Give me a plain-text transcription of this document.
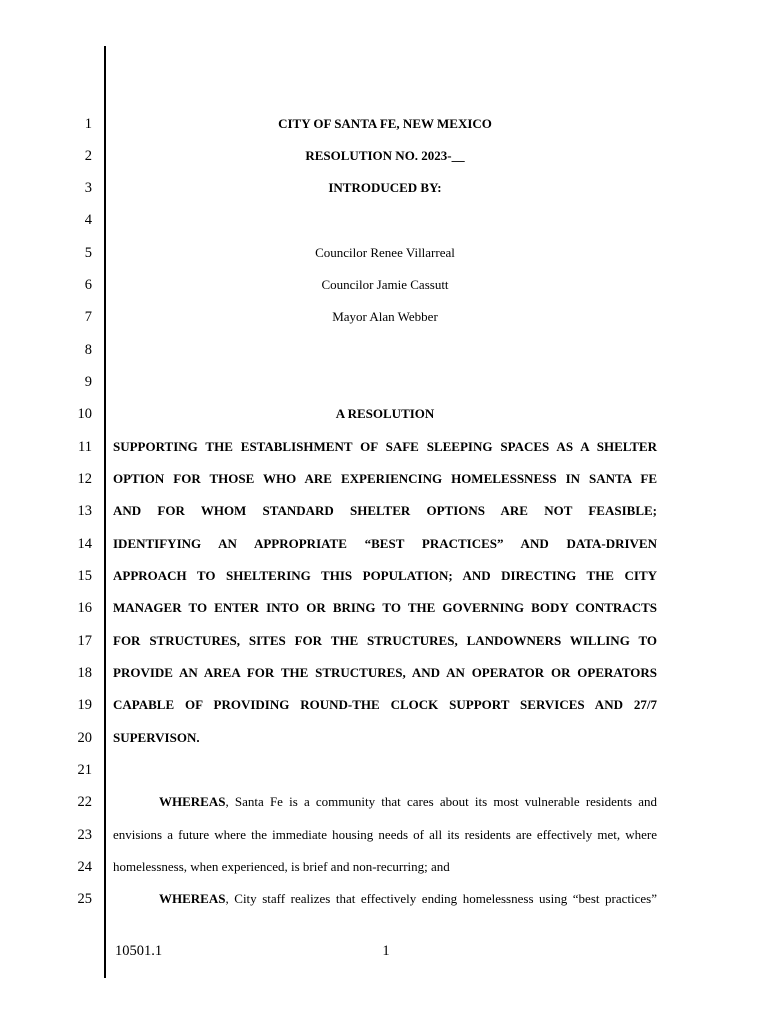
1
2
3
4
5
6
7
8
9
10
11
12
13
14
15
16
17
18
19
20
21
22
23
24
25
CITY OF SANTA FE, NEW MEXICO
RESOLUTION NO. 2023-__
INTRODUCED BY:
Councilor Renee Villarreal
Councilor Jamie Cassutt
Mayor Alan Webber
A RESOLUTION
SUPPORTING THE ESTABLISHMENT OF SAFE SLEEPING SPACES AS A SHELTER
OPTION FOR THOSE WHO ARE EXPERIENCING HOMELESSNESS IN SANTA FE
AND FOR WHOM STANDARD SHELTER OPTIONS ARE NOT FEASIBLE;
IDENTIFYING AN APPROPRIATE “BEST PRACTICES” AND DATA-DRIVEN
APPROACH TO SHELTERING THIS POPULATION; AND DIRECTING THE CITY
MANAGER TO ENTER INTO OR BRING TO THE GOVERNING BODY CONTRACTS
FOR STRUCTURES, SITES FOR THE STRUCTURES, LANDOWNERS WILLING TO
PROVIDE AN AREA FOR THE STRUCTURES, AND AN OPERATOR OR OPERATORS
CAPABLE OF PROVIDING ROUND-THE CLOCK SUPPORT SERVICES AND 27/7
SUPERVISON.
WHEREAS, Santa Fe is a community that cares about its most vulnerable residents and
envisions a future where the immediate housing needs of all its residents are effectively met, where
homelessness, when experienced, is brief and non-recurring; and
WHEREAS, City staff realizes that effectively ending homelessness using “best practices”
10501.1	1
